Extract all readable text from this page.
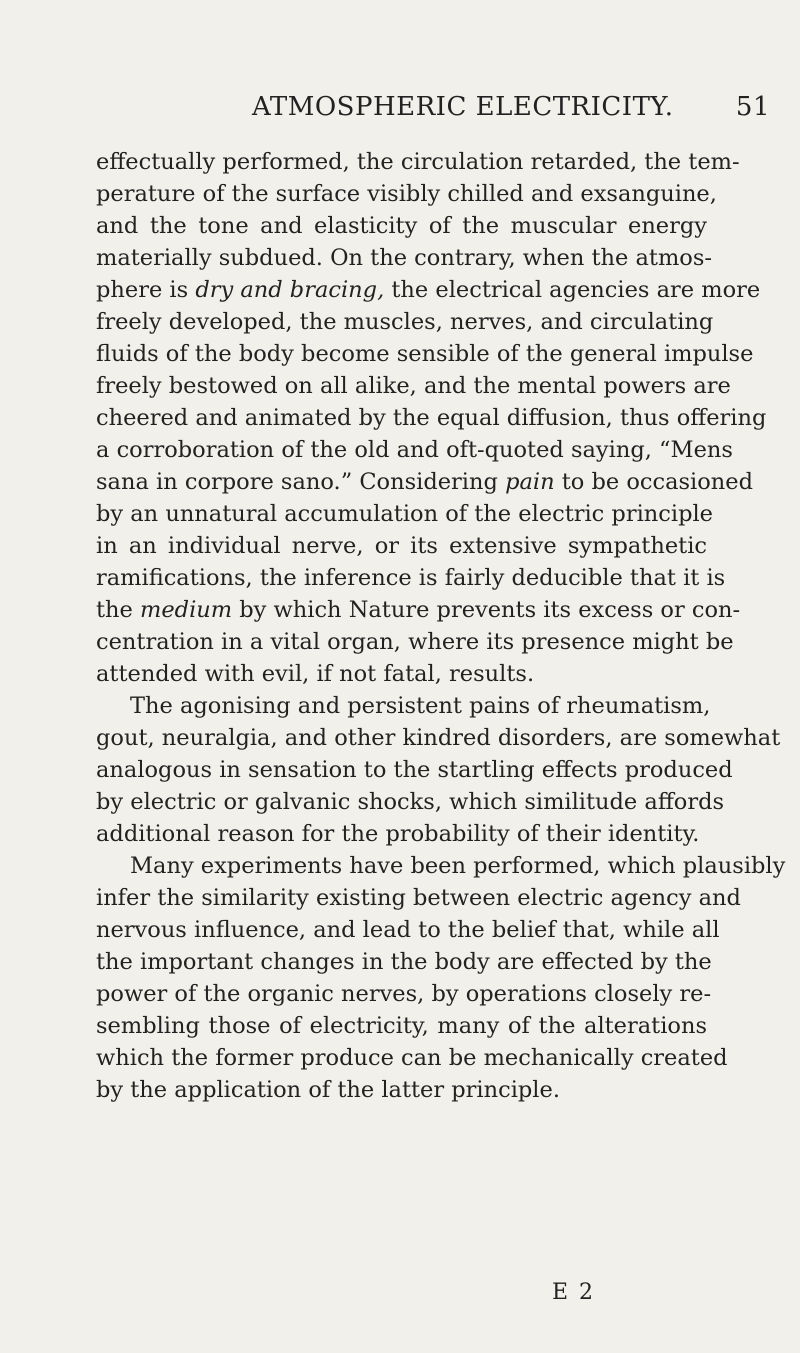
ATMOSPHERIC ELECTRICITY. 51
effectually performed, the circulation retarded, the tem-
perature of the surface visibly chilled and exsanguine,
and the tone and elasticity of the muscular energy
materially subdued. On the contrary, when the atmos-
phere is dry and bracing, the electrical agencies are more
freely developed, the muscles, nerves, and circulating
fluids of the body become sensible of the general impulse
freely bestowed on all alike, and the mental powers are
cheered and animated by the equal diffusion, thus offering
a corroboration of the old and oft-quoted saying, “Mens
sana in corpore sano.” Considering pain to be occasioned
by an unnatural accumulation of the electric principle
in an individual nerve, or its extensive sympathetic
ramifications, the inference is fairly deducible that it is
the medium by which Nature prevents its excess or con-
centration in a vital organ, where its presence might be
attended with evil, if not fatal, results.
The agonising and persistent pains of rheumatism,
gout, neuralgia, and other kindred disorders, are somewhat
analogous in sensation to the startling effects produced
by electric or galvanic shocks, which similitude affords
additional reason for the probability of their identity.
Many experiments have been performed, which plausibly
infer the similarity existing between electric agency and
nervous influence, and lead to the belief that, while all
the important changes in the body are effected by the
power of the organic nerves, by operations closely re-
sembling those of electricity, many of the alterations
which the former produce can be mechanically created
by the application of the latter principle.
E 2
